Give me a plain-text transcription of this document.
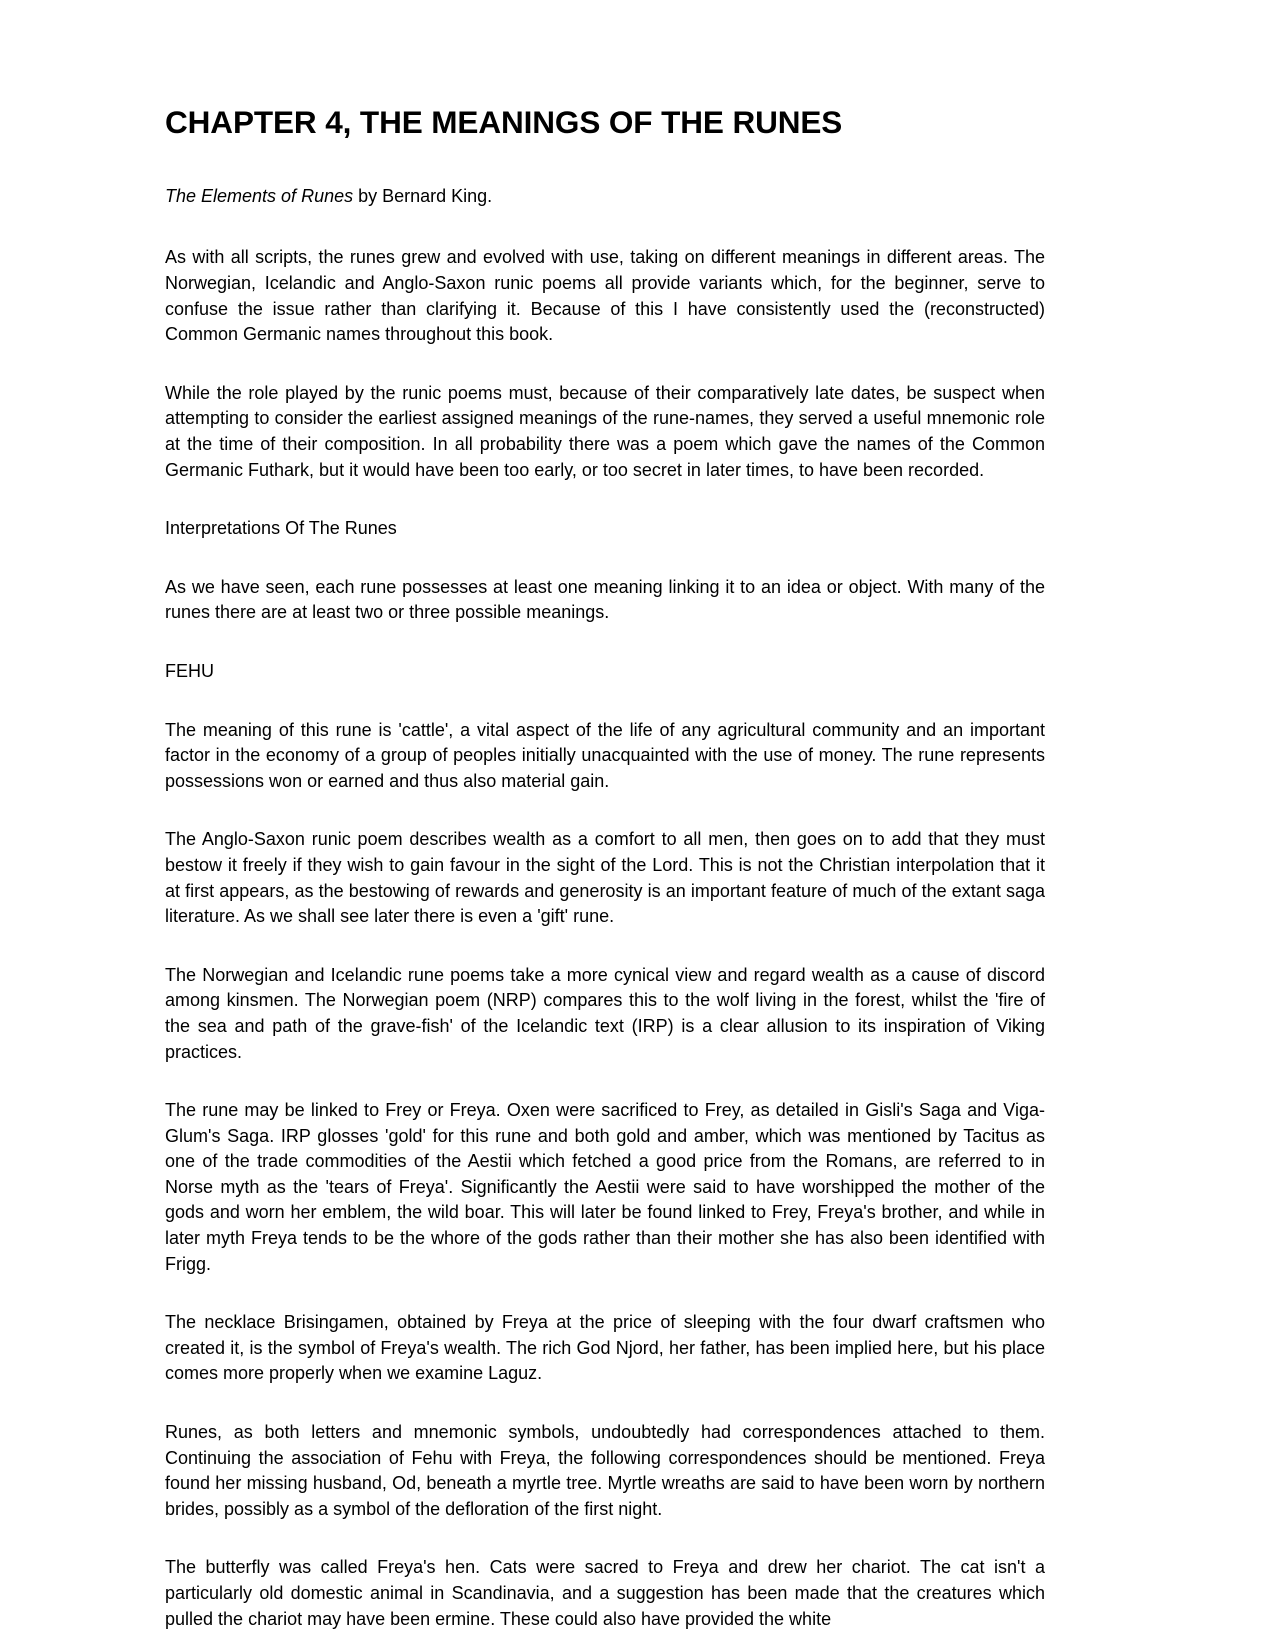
CHAPTER 4, THE MEANINGS OF THE RUNES

The Elements of Runes by Bernard King.

As with all scripts, the runes grew and evolved with use, taking on different meanings in different areas. The Norwegian, Icelandic and Anglo-Saxon runic poems all provide variants which, for the beginner, serve to confuse the issue rather than clarifying it. Because of this I have consistently used the (reconstructed) Common Germanic names throughout this book.

While the role played by the runic poems must, because of their comparatively late dates, be suspect when attempting to consider the earliest assigned meanings of the rune-names, they served a useful mnemonic role at the time of their composition. In all probability there was a poem which gave the names of the Common Germanic Futhark, but it would have been too early, or too secret in later times, to have been recorded.

Interpretations Of The Runes

As we have seen, each rune possesses at least one meaning linking it to an idea or object. With many of the runes there are at least two or three possible meanings.

FEHU

The meaning of this rune is 'cattle', a vital aspect of the life of any agricultural community and an important factor in the economy of a group of peoples initially unacquainted with the use of money. The rune represents possessions won or earned and thus also material gain.

The Anglo-Saxon runic poem describes wealth as a comfort to all men, then goes on to add that they must bestow it freely if they wish to gain favour in the sight of the Lord. This is not the Christian interpolation that it at first appears, as the bestowing of rewards and generosity is an important feature of much of the extant saga literature. As we shall see later there is even a 'gift' rune.

The Norwegian and Icelandic rune poems take a more cynical view and regard wealth as a cause of discord among kinsmen. The Norwegian poem (NRP) compares this to the wolf living in the forest, whilst the 'fire of the sea and path of the grave-fish' of the Icelandic text (IRP) is a clear allusion to its inspiration of Viking practices.

The rune may be linked to Frey or Freya. Oxen were sacrificed to Frey, as detailed in Gisli's Saga and Viga-Glum's Saga. IRP glosses 'gold' for this rune and both gold and amber, which was mentioned by Tacitus as one of the trade commodities of the Aestii which fetched a good price from the Romans, are referred to in Norse myth as the 'tears of Freya'. Significantly the Aestii were said to have worshipped the mother of the gods and worn her emblem, the wild boar. This will later be found linked to Frey, Freya's brother, and while in later myth Freya tends to be the whore of the gods rather than their mother she has also been identified with Frigg.

The necklace Brisingamen, obtained by Freya at the price of sleeping with the four dwarf craftsmen who created it, is the symbol of Freya's wealth. The rich God Njord, her father, has been implied here, but his place comes more properly when we examine Laguz.

Runes, as both letters and mnemonic symbols, undoubtedly had correspondences attached to them. Continuing the association of Fehu with Freya, the following correspondences should be mentioned. Freya found her missing husband, Od, beneath a myrtle tree. Myrtle wreaths are said to have been worn by northern brides, possibly as a symbol of the defloration of the first night.

The butterfly was called Freya's hen. Cats were sacred to Freya and drew her chariot. The cat isn't a particularly old domestic animal in Scandinavia, and a suggestion has been made that the creatures which pulled the chariot may have been ermine. These could also have provided the white
